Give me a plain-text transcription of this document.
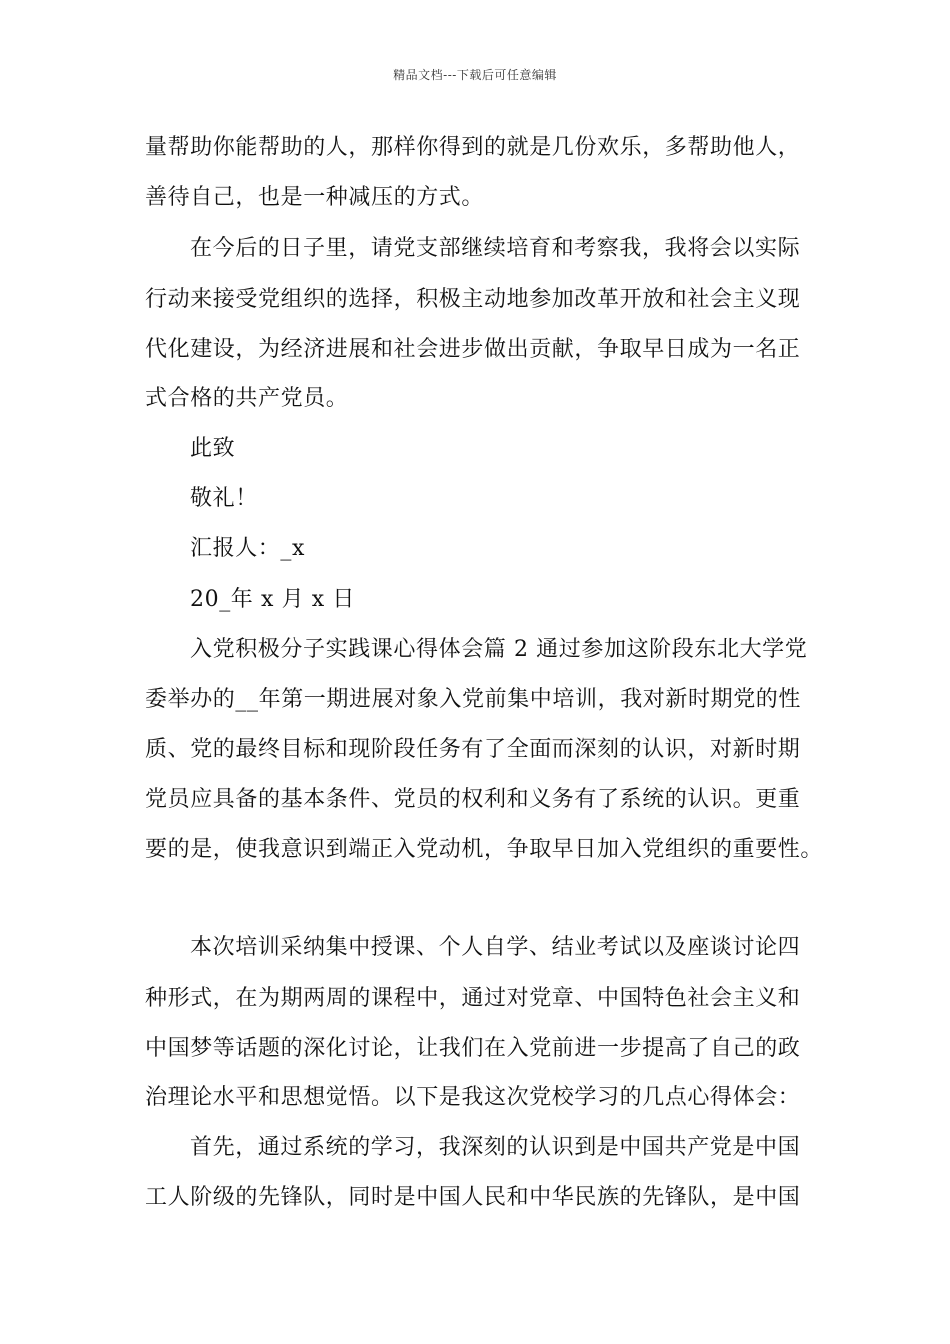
精品文档---下载后可任意编辑
量帮助你能帮助的人，那样你得到的就是几份欢乐，多帮助他人，
善待自己，也是一种减压的方式。
在今后的日子里，请党支部继续培育和考察我，我将会以实际
行动来接受党组织的选择，积极主动地参加改革开放和社会主义现
代化建设，为经济进展和社会进步做出贡献，争取早日成为一名正
式合格的共产党员。
此致
敬礼！
汇报人：_x
20_年 x 月 x 日
入党积极分子实践课心得体会篇 2 通过参加这阶段东北大学党
委举办的__年第一期进展对象入党前集中培训，我对新时期党的性
质、党的最终目标和现阶段任务有了全面而深刻的认识，对新时期
党员应具备的基本条件、党员的权利和义务有了系统的认识。更重
要的是，使我意识到端正入党动机，争取早日加入党组织的重要性。
本次培训采纳集中授课、个人自学、结业考试以及座谈讨论四
种形式，在为期两周的课程中，通过对党章、中国特色社会主义和
中国梦等话题的深化讨论，让我们在入党前进一步提高了自己的政
治理论水平和思想觉悟。以下是我这次党校学习的几点心得体会：
首先，通过系统的学习，我深刻的认识到是中国共产党是中国
工人阶级的先锋队，同时是中国人民和中华民族的先锋队，是中国
